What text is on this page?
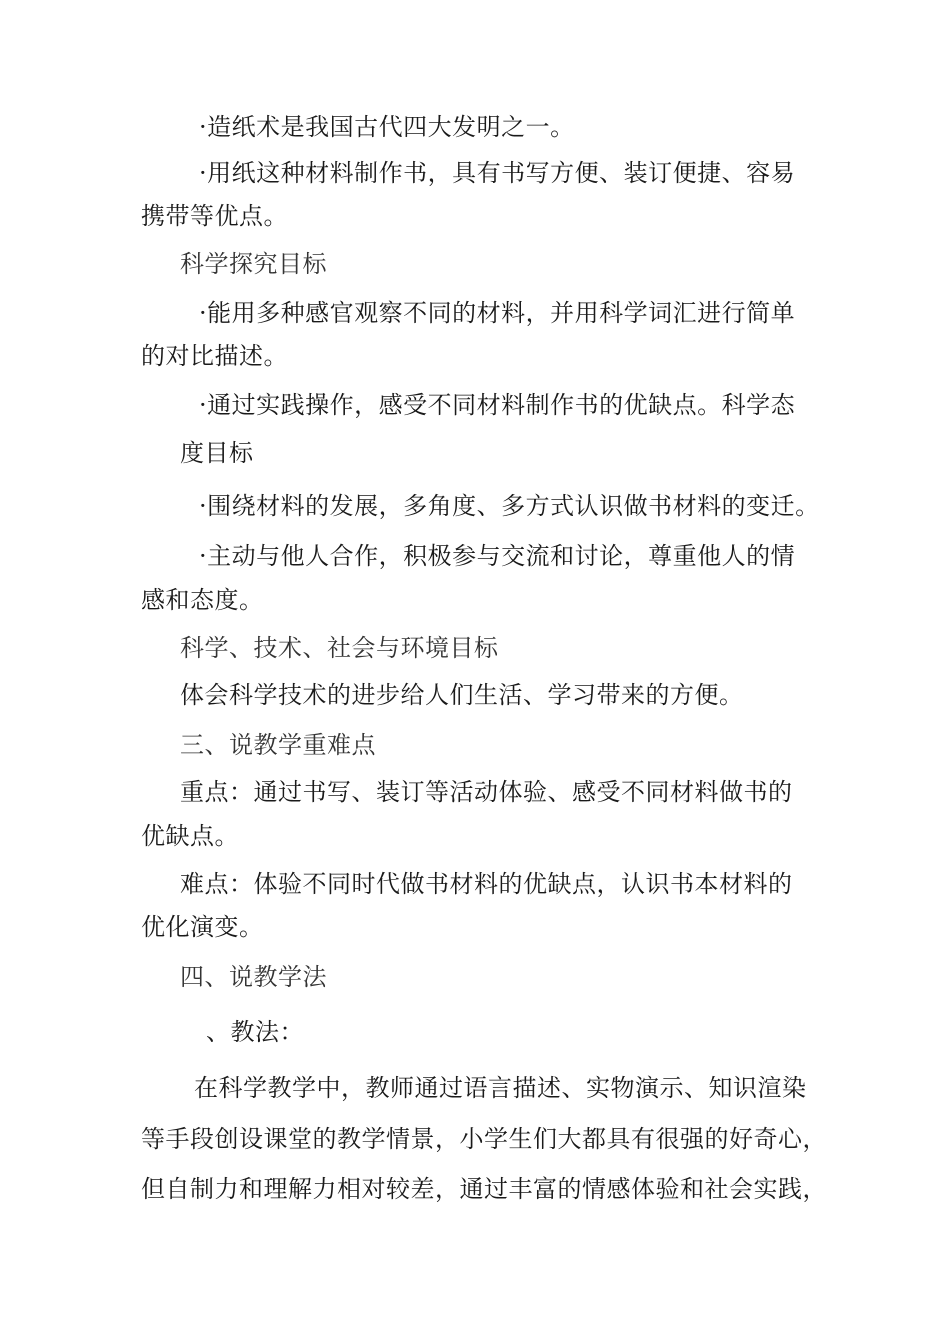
·造纸术是我国古代四大发明之一。
·用纸这种材料制作书，具有书写方便、装订便捷、容易
携带等优点。
科学探究目标
·能用多种感官观察不同的材料，并用科学词汇进行简单
的对比描述。
·通过实践操作，感受不同材料制作书的优缺点。科学态
度目标
·围绕材料的发展，多角度、多方式认识做书材料的变迁。
·主动与他人合作，积极参与交流和讨论，尊重他人的情
感和态度。
科学、技术、社会与环境目标
体会科学技术的进步给人们生活、学习带来的方便。
三、说教学重难点
重点：通过书写、装订等活动体验、感受不同材料做书的
优缺点。
难点：体验不同时代做书材料的优缺点，认识书本材料的
优化演变。
四、说教学法
、教法：
在科学教学中，教师通过语言描述、实物演示、知识渲染
等手段创设课堂的教学情景，小学生们大都具有很强的好奇心，
但自制力和理解力相对较差，通过丰富的情感体验和社会实践，
